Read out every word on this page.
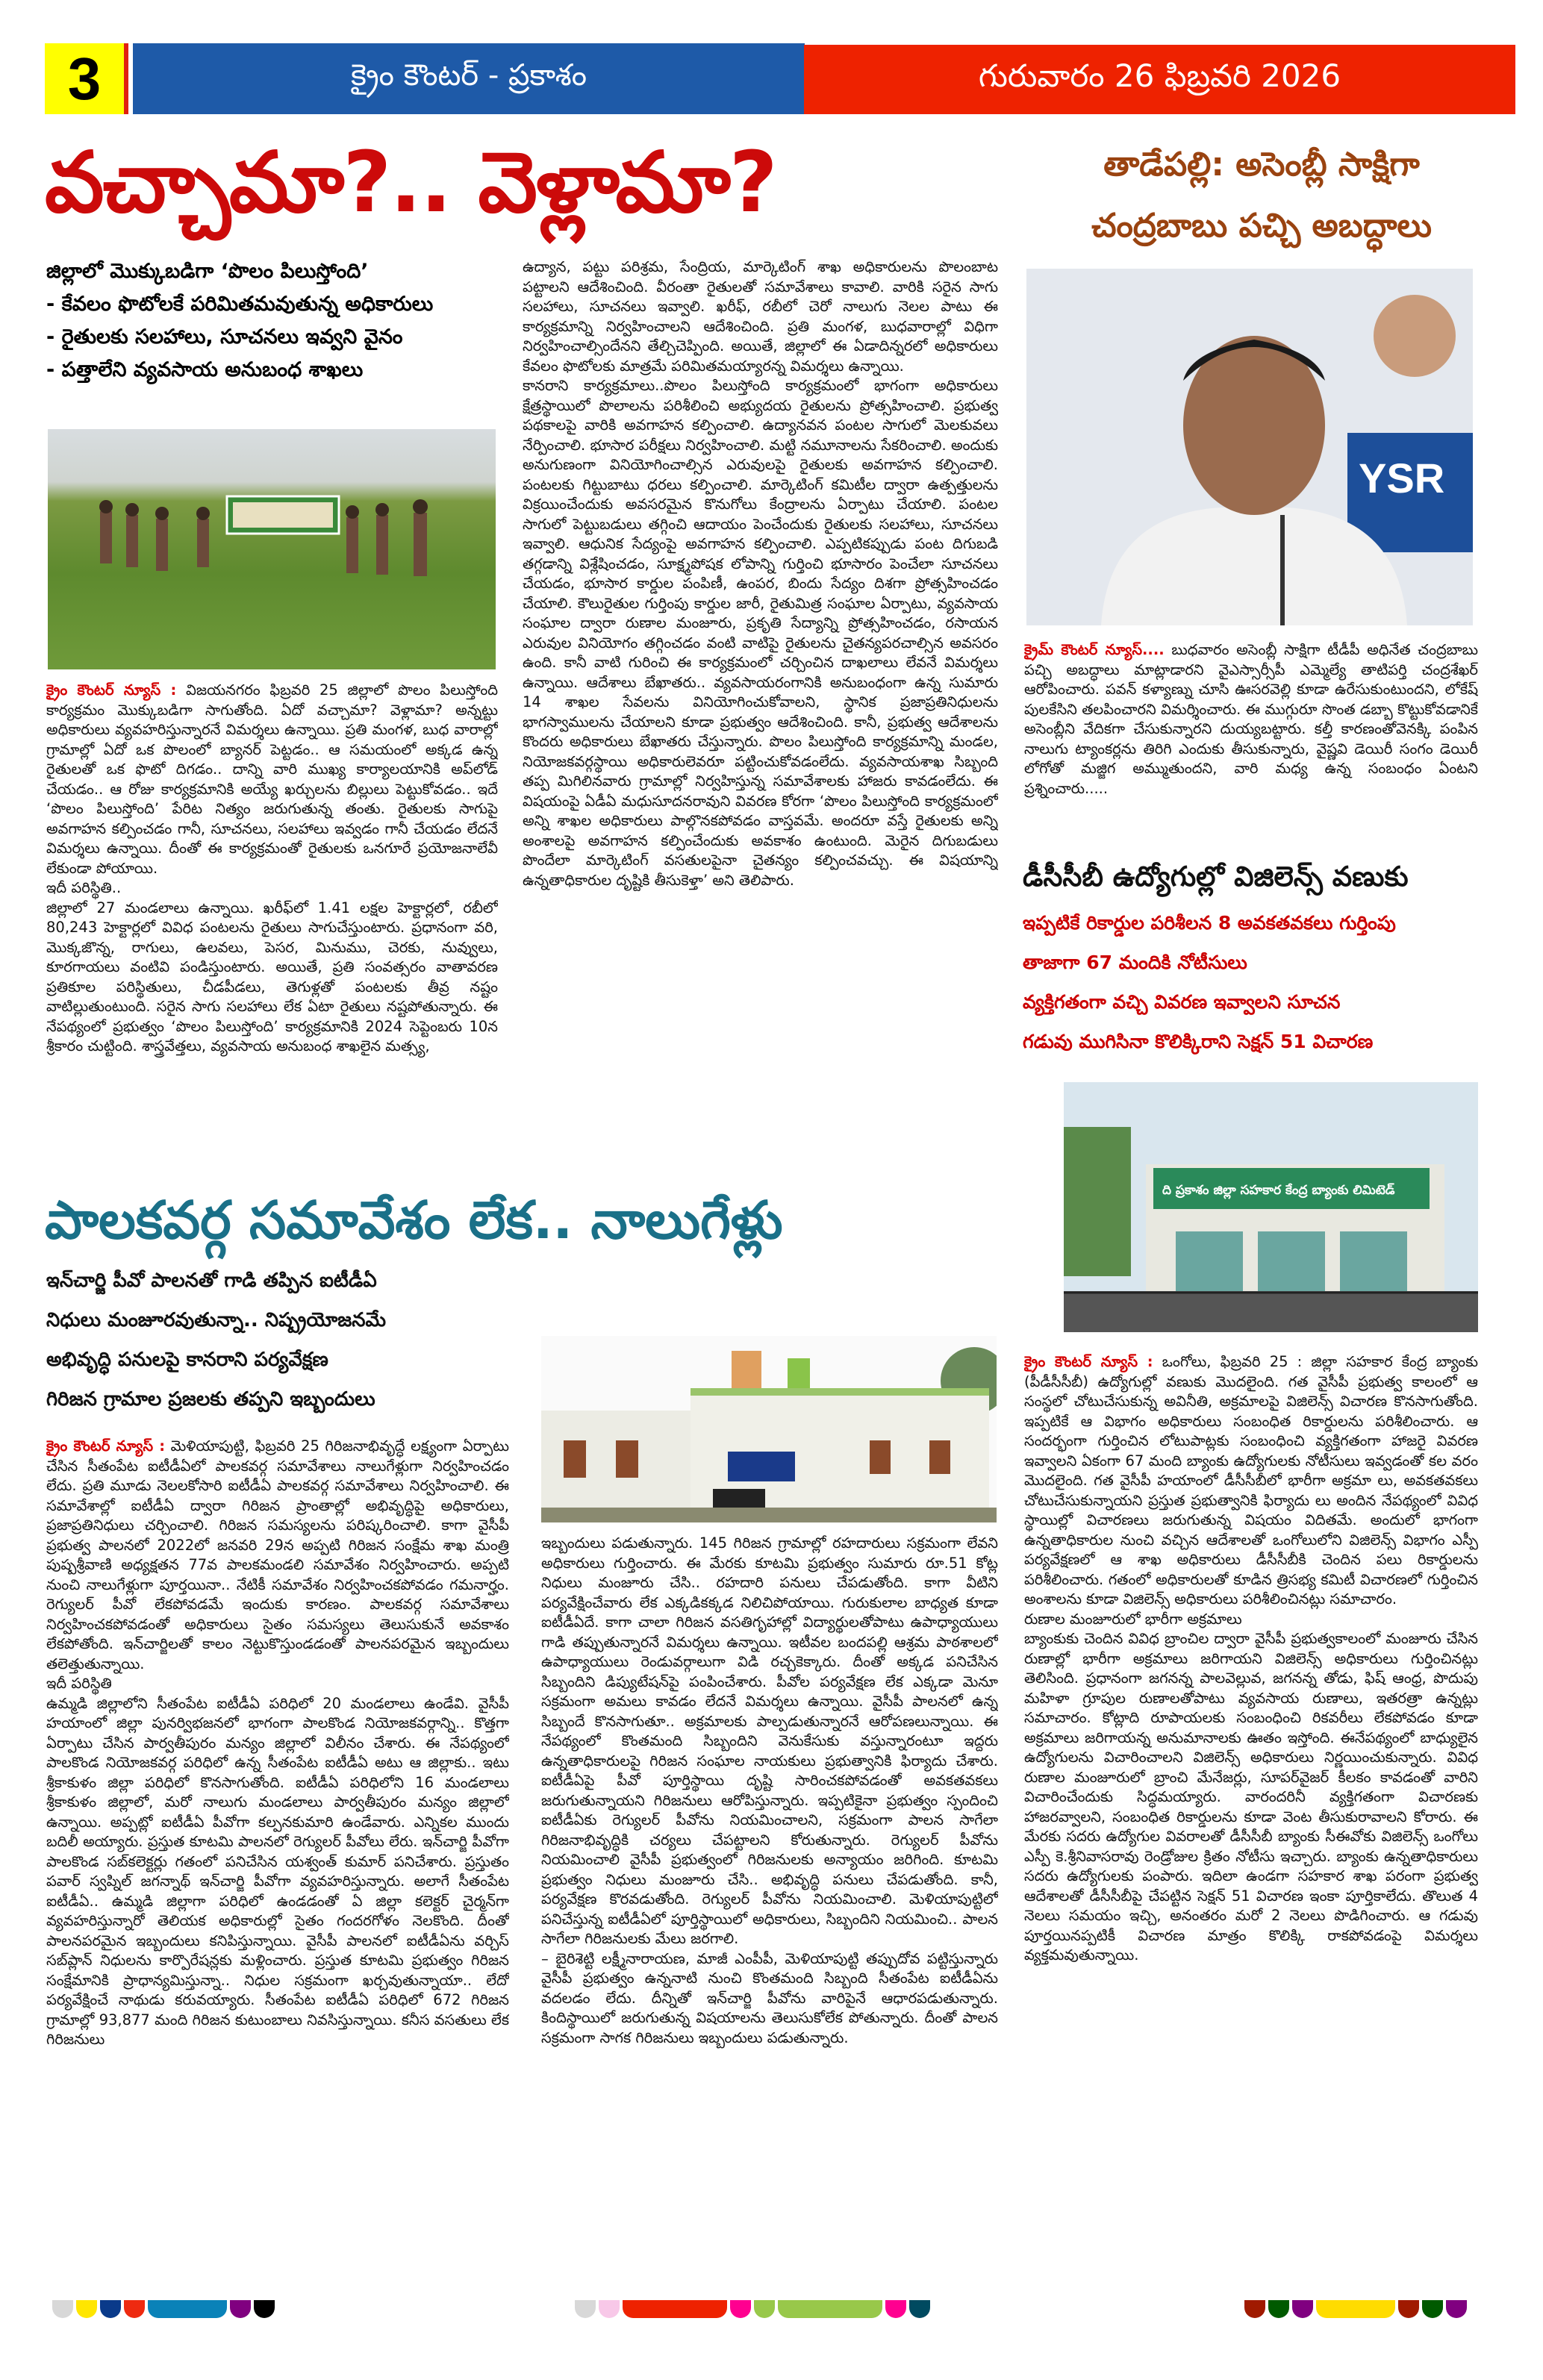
3	క్రైం కౌంటర్ - ప్రకాశం	గురువారం 26 ఫిబ్రవరి 2026
వచ్చామా?.. వెళ్లామా?
జిల్లాలో మొక్కుబడిగా ‘పొలం పిలుస్తోంది’
- కేవలం ఫొటోలకే పరిమితమవుతున్న అధికారులు
- రైతులకు సలహాలు, సూచనలు ఇవ్వని వైనం
- పత్తాలేని వ్యవసాయ అనుబంధ శాఖలు

క్రైం కౌంటర్ న్యూస్ : విజయనగరం ఫిబ్రవరి 25 జిల్లాలో పొలం పిలుస్తోంది కార్యక్రమం మొక్కుబడిగా సాగుతోంది. ఏదో వచ్చామా? వెళ్లామా? అన్నట్టు అధికారులు వ్యవహరిస్తున్నారనే విమర్శలు ఉన్నాయి. ప్రతి మంగళ, బుధ వారాల్లో గ్రామాల్లో ఏదో ఒక పొలంలో బ్యానర్ పెట్టడం.. ఆ సమయంలో అక్కడ ఉన్న రైతులతో ఒక ఫొటో దిగడం.. దాన్ని వారి ముఖ్య కార్యాలయానికి అప్‌లోడ్ చేయడం.. ఆ రోజు కార్యక్రమానికి అయ్యే ఖర్చులను బిల్లులు పెట్టుకోవడం.. ఇదే ‘పొలం పిలుస్తోంది’ పేరిట నిత్యం జరుగుతున్న తంతు. రైతులకు సాగుపై అవగాహన కల్పించడం గానీ, సూచనలు, సలహాలు ఇవ్వడం గానీ చేయడం లేదనే విమర్శలు ఉన్నాయి. దీంతో ఈ కార్యక్రమంతో రైతులకు ఒనగూరే ప్రయోజనాలేవీ లేకుండా పోయాయి.

ఇదీ పరిస్థితి..

జిల్లాలో 27 మండలాలు ఉన్నాయి. ఖరీఫ్‌లో 1.41 లక్షల హెక్టార్లలో, రబీలో 80,243 హెక్టార్లలో వివిధ పంటలను రైతులు సాగుచేస్తుంటారు. ప్రధానంగా వరి, మొక్కజొన్న, రాగులు, ఉలవలు, పెసర, మినుము, చెరకు, నువ్వులు, కూరగాయలు వంటివి పండిస్తుంటారు. అయితే, ప్రతి సంవత్సరం వాతావరణ ప్రతికూల పరిస్థితులు, చీడపీడలు, తెగుళ్లతో పంటలకు తీవ్ర నష్టం వాటిల్లుతుంటుంది. సరైన సాగు సలహాలు లేక ఏటా రైతులు నష్టపోతున్నారు. ఈ నేపథ్యంలో ప్రభుత్వం ‘పొలం పిలుస్తోంది’ కార్యక్రమానికి 2024 సెప్టెంబరు 10న శ్రీకారం చుట్టింది. శాస్త్రవేత్తలు, వ్యవసాయ అనుబంధ శాఖలైన మత్స్య,

ఉద్యాన, పట్టు పరిశ్రమ, సేంద్రియ, మార్కెటింగ్ శాఖ అధికారులను పొలంబాట పట్టాలని ఆదేశించింది. వీరంతా రైతులతో సమావేశాలు కావాలి. వారికి సరైన సాగు సలహాలు, సూచనలు ఇవ్వాలి. ఖరీఫ్, రబీలో చెరో నాలుగు నెలల పాటు ఈ కార్యక్రమాన్ని నిర్వహించాలని ఆదేశించింది. ప్రతి మంగళ, బుధవారాల్లో విధిగా నిర్వహించాల్సిందేనని తేల్చిచెప్పింది. అయితే, జిల్లాలో ఈ ఏడాదిన్నరలో అధికారులు కేవలం ఫొటోలకు మాత్రమే పరిమితమయ్యారన్న విమర్శలు ఉన్నాయి.

కానరాని కార్యక్రమాలు..పొలం పిలుస్తోంది కార్యక్రమంలో భాగంగా అధికారులు క్షేత్రస్థాయిలో పొలాలను పరిశీలించి అభ్యుదయ రైతులను ప్రోత్సహించాలి. ప్రభుత్వ పథకాలపై వారికి అవగాహన కల్పించాలి. ఉద్యానవన పంటల సాగులో మెలకువలు నేర్పించాలి. భూసార పరీక్షలు నిర్వహించాలి. మట్టి నమూనాలను సేకరించాలి. అందుకు అనుగుణంగా వినియోగించాల్సిన ఎరువులపై రైతులకు అవగాహన కల్పించాలి. పంటలకు గిట్టుబాటు ధరలు కల్పించాలి. మార్కెటింగ్ కమిటీల ద్వారా ఉత్పత్తులను విక్రయించేందుకు అవసరమైన కొనుగోలు కేంద్రాలను ఏర్పాటు చేయాలి. పంటల సాగులో పెట్టుబడులు తగ్గించి ఆదాయం పెంచేందుకు రైతులకు సలహాలు, సూచనలు ఇవ్వాలి. ఆధునిక సేద్యంపై అవగాహన కల్పించాలి. ఎప్పటికప్పుడు పంట దిగుబడి తగ్గడాన్ని విశ్లేషించడం, సూక్ష్మపోషక లోపాన్ని గుర్తించి భూసారం పెంచేలా సూచనలు చేయడం, భూసార కార్డుల పంపిణీ, ఉంపర, బిందు సేద్యం దిశగా ప్రోత్సహించడం చేయాలి. కౌలురైతుల గుర్తింపు కార్డుల జారీ, రైతుమిత్ర సంఘాల ఏర్పాటు, వ్యవసాయ సంఘాల ద్వారా రుణాల మంజూరు, ప్రకృతి సేద్యాన్ని ప్రోత్సహించడం, రసాయన ఎరువుల వినియోగం తగ్గించడం వంటి వాటిపై రైతులను చైతన్యపరచాల్సిన అవసరం ఉంది. కానీ వాటి గురించి ఈ కార్యక్రమంలో చర్చించిన దాఖలాలు లేవనే విమర్శలు ఉన్నాయి. ఆదేశాలు బేఖాతరు.. వ్యవసాయరంగానికి అనుబంధంగా ఉన్న సుమారు 14 శాఖల సేవలను వినియోగించుకోవాలని, స్థానిక ప్రజాప్రతినిధులను భాగస్వాములను చేయాలని కూడా ప్రభుత్వం ఆదేశించింది. కానీ, ప్రభుత్వ ఆదేశాలను కొందరు అధికారులు బేఖాతరు చేస్తున్నారు. పొలం పిలుస్తోంది కార్యక్రమాన్ని మండల, నియోజకవర్గస్థాయి అధికారులెవరూ పట్టించుకోవడంలేదు. వ్యవసాయశాఖ సిబ్బంది తప్ప మిగిలినవారు గ్రామాల్లో నిర్వహిస్తున్న సమావేశాలకు హాజరు కావడంలేదు. ఈ విషయంపై ఏడీఏ మధుసూదనరావుని వివరణ కోరగా ‘పొలం పిలుస్తోంది కార్యక్రమంలో అన్ని శాఖల అధికారులు పాల్గొనకపోవడం వాస్తవమే. అందరూ వస్తే రైతులకు అన్ని అంశాలపై అవగాహన కల్పించేందుకు అవకాశం ఉంటుంది. మెరైన దిగుబడులు పొందేలా మార్కెటింగ్ వసతులపైనా చైతన్యం కల్పించవచ్చు. ఈ విషయాన్ని ఉన్నతాధికారుల దృష్టికి తీసుకెళ్తా’ అని తెలిపారు.

తాడేపల్లి: అసెంబ్లీ సాక్షిగా చంద్రబాబు పచ్చి అబద్ధాలు
YSR

క్రైమ్ కౌంటర్ న్యూస్.... బుధవారం అసెంబ్లీ సాక్షిగా టీడీపీ అధినేత చంద్రబాబు పచ్చి అబద్ధాలు మాట్లాడారని వైఎస్సార్సీపీ ఎమ్మెల్యే తాటిపర్తి చంద్రశేఖర్ ఆరోపించారు. పవన్ కళ్యాణ్ను చూసి ఊసరవెల్లి కూడా ఉరేసుకుంటుందని, లోకేష్ పులకేసిని తలపించారని విమర్శించారు. ఈ ముగ్గురూ సొంత డబ్బా కొట్టుకోవడానికే అసెంబ్లీని వేదికగా చేసుకున్నారని దుయ్యబట్టారు. కల్తీ కారణంతోవెనక్కి పంపిన నాలుగు ట్యాంకర్లను తిరిగి ఎందుకు తీసుకున్నారు, వైష్ణవి డెయిరీ సంగం డెయిరీ లోగోతో మజ్జిగ అమ్ముతుందని, వారి మధ్య ఉన్న సంబంధం ఏంటని ప్రశ్నించారు.....

డీసీసీబీ ఉద్యోగుల్లో విజిలెన్స్ వణుకు
ఇప్పటికే రికార్డుల పరిశీలన 8 అవకతవకలు గుర్తింపు
తాజాగా 67 మందికి నోటీసులు
వ్యక్తిగతంగా వచ్చి వివరణ ఇవ్వాలని సూచన
గడువు ముగిసినా కొలిక్కిరాని సెక్షన్ 51 విచారణ
ది ప్రకాశం జిల్లా సహకార కేంద్ర బ్యాంకు లిమిటెడ్

క్రైం కౌంటర్ న్యూస్ : ఒంగోలు, ఫిబ్రవరి 25 : జిల్లా సహకార కేంద్ర బ్యాంకు (పీడీసీసీబీ) ఉద్యోగుల్లో వణుకు మొదలైంది. గత వైసీపీ ప్రభుత్వ కాలంలో ఆ సంస్థలో చోటుచేసుకున్న అవినీతి, అక్రమాలపై విజిలెన్స్ విచారణ కొనసాగుతోంది. ఇప్పటికే ఆ విభాగం అధికారులు సంబంధిత రికార్డులను పరిశీలించారు. ఆ సందర్భంగా గుర్తించిన లోటుపాట్లకు సంబంధించి వ్యక్తిగతంగా హాజరై వివరణ ఇవ్వాలని ఏకంగా 67 మంది బ్యాంకు ఉద్యోగులకు నోటీసులు ఇవ్వడంతో కల వరం మొదలైంది. గత వైసీపీ హయాంలో డీసీసీబీలో భారీగా అక్రమా లు, అవకతవకలు చోటుచేసుకున్నాయని ప్రస్తుత ప్రభుత్వానికి ఫిర్యాదు లు అందిన నేపథ్యంలో వివిధ స్థాయిల్లో విచారణలు జరుగుతున్న విషయం విదితమే. అందులో భాగంగా ఉన్నతాధికారుల నుంచి వచ్చిన ఆదేశాలతో ఒంగోలులోని విజిలెన్స్ విభాగం ఎస్పీ పర్యవేక్షణలో ఆ శాఖ అధికారులు డీసీసీబీకి చెందిన పలు రికార్డులను పరిశీలించారు. గతంలో అధికారులతో కూడిన త్రిసభ్య కమిటీ విచారణలో గుర్తించిన అంశాలను కూడా విజిలెన్స్ అధికారులు పరిశీలించినట్లు సమాచారం.

రుణాల మంజూరులో భారీగా అక్రమాలు

బ్యాంకుకు చెందిన వివిధ బ్రాంచిల ద్వారా వైసీపీ ప్రభుత్వకాలంలో మంజూరు చేసిన రుణాల్లో భారీగా అక్రమాలు జరిగాయని విజిలెన్స్ అధికారులు గుర్తించినట్లు తెలిసింది. ప్రధానంగా జగనన్న పాలవెల్లువ, జగనన్న తోడు, ఫిష్ ఆంధ్ర, పొదుపు మహిళా గ్రూపుల రుణాలతోపాటు వ్యవసాయ రుణాలు, ఇతరత్రా ఉన్నట్లు సమాచారం. కోట్లాది రూపాయలకు సంబంధించి రికవరీలు లేకపోవడం కూడా అక్రమాలు జరిగాయన్న అనుమానాలకు ఊతం ఇస్తోంది. ఈనేపథ్యంలో బాధ్యులైన ఉద్యోగులను విచారించాలని విజిలెన్స్ అధికారులు నిర్ణయించుకున్నారు. వివిధ రుణాల మంజూరులో బ్రాంచి మేనేజర్లు, సూపర్‌వైజర్ కీలకం కావడంతో వారిని విచారించేందుకు సిద్ధమయ్యారు. వారందరినీ వ్యక్తిగతంగా విచారణకు హాజరవ్వాలని, సంబంధిత రికార్డులను కూడా వెంట తీసుకురావాలని కోరారు. ఈ మేరకు సదరు ఉద్యోగుల వివరాలతో డీసీసీబీ బ్యాంకు సీఈవోకు విజిలెన్స్ ఒంగోలు ఎస్పీ కె.శ్రీనివాసరావు రెండ్రోజుల క్రితం నోటీసు ఇచ్చారు. బ్యాంకు ఉన్నతాధికారులు సదరు ఉద్యోగులకు పంపారు. ఇదిలా ఉండగా సహకార శాఖ పరంగా ప్రభుత్వ ఆదేశాలతో డీసీసీబీపై చేపట్టిన సెక్షన్ 51 విచారణ ఇంకా పూర్తికాలేదు. తొలుత 4 నెలలు సమయం ఇచ్చి, అనంతరం మరో 2 నెలలు పొడిగించారు. ఆ గడువు పూర్తయినప్పటికీ విచారణ మాత్రం కొలిక్కి రాకపోవడంపై విమర్శలు వ్యక్తమవుతున్నాయి.

పాలకవర్గ సమావేశం లేక.. నాలుగేళ్లు
ఇన్‌చార్జి పీవో పాలనతో గాడి తప్పిన ఐటీడీఏ
నిధులు మంజూరవుతున్నా.. నిష్ప్రయోజనమే
అభివృద్ధి పనులపై కానరాని పర్యవేక్షణ
గిరిజన గ్రామాల ప్రజలకు తప్పని ఇబ్బందులు

క్రైం కౌంటర్ న్యూస్ : మెళియాపుట్టి, ఫిబ్రవరి 25 గిరిజనాభివృద్ధే లక్ష్యంగా ఏర్పాటు చేసిన సీతంపేట ఐటీడీఏలో పాలకవర్గ సమావేశాలు నాలుగేళ్లుగా నిర్వహించడం లేదు. ప్రతి మూడు నెలలకోసారి ఐటీడీఏ పాలకవర్గ సమావేశాలు నిర్వహించాలి. ఈ సమావేశాల్లో ఐటీడీఏ ద్వారా గిరిజన ప్రాంతాల్లో అభివృద్ధిపై అధికారులు, ప్రజాప్రతినిధులు చర్చించాలి. గిరిజన సమస్యలను పరిష్కరించాలి. కాగా వైసీపీ ప్రభుత్వ పాలనలో 2022లో జనవరి 29న అప్పటి గిరిజన సంక్షేమ శాఖ మంత్రి పుష్పశ్రీవాణి అధ్యక్షతన 77వ పాలకమండలి సమావేశం నిర్వహించారు. అప్పటి నుంచి నాలుగేళ్లుగా పూర్తయినా.. నేటికీ సమావేశం నిర్వహించకపోవడం గమనార్హం. రెగ్యులర్ పీవో లేకపోవడమే ఇందుకు కారణం. పాలకవర్గ సమావేశాలు నిర్వహించకపోవడంతో అధికారులు సైతం సమస్యలు తెలుసుకునే అవకాశం లేకపోతోంది. ఇన్‌చార్జిలతో కాలం నెట్టుకొస్తుండడంతో పాలనపరమైన ఇబ్బందులు తలెత్తుతున్నాయి.

ఇదీ పరిస్థితి

ఉమ్మడి జిల్లాలోని సీతంపేట ఐటీడీఏ పరిధిలో 20 మండలాలు ఉండేవి. వైసీపీ హయాంలో జిల్లా పునర్విభజనలో భాగంగా పాలకొండ నియోజకవర్గాన్ని.. కొత్తగా ఏర్పాటు చేసిన పార్వతీపురం మన్యం జిల్లాలో విలీనం చేశారు. ఈ నేపథ్యంలో పాలకొండ నియోజకవర్గ పరిధిలో ఉన్న సీతంపేట ఐటీడీఏ అటు ఆ జిల్లాకు.. ఇటు శ్రీకాకుళం జిల్లా పరిధిలో కొనసాగుతోంది. ఐటీడీఏ పరిధిలోని 16 మండలాలు శ్రీకాకుళం జిల్లాలో, మరో నాలుగు మండలాలు పార్వతీపురం మన్యం జిల్లాలో ఉన్నాయి. అప్పట్లో ఐటీడీఏ పీవోగా కల్పనకుమారి ఉండేవారు. ఎన్నికల ముందు బదిలీ అయ్యారు. ప్రస్తుత కూటమి పాలనలో రెగ్యులర్ పీవోలు లేరు. ఇన్‌చార్జి పీవోగా పాలకొండ సబ్‌కలెక్టర్లు గతంలో పనిచేసిన యశ్వంత్ కుమార్ పనిచేశారు. ప్రస్తుతం పవార్ స్వప్నిల్ జగన్నాథ్ ఇన్‌చార్జి పీవోగా వ్యవహరిస్తున్నారు. అలాగే సీతంపేట ఐటీడీఏ.. ఉమ్మడి జిల్లాగా పరిధిలో ఉండడంతో ఏ జిల్లా కలెక్టర్ చైర్మన్‌గా వ్యవహరిస్తున్నారో తెలియక అధికారుల్లో సైతం గందరగోళం నెలకొంది. దీంతో పాలనపరమైన ఇబ్బందులు కనిపిస్తున్నాయి. వైసీపీ పాలనలో ఐటీడీఏను వర్చిస్ సబ్‌ప్లాన్ నిధులను కార్పొరేషన్లకు మళ్లించారు. ప్రస్తుత కూటమి ప్రభుత్వం గిరిజన సంక్షేమానికి ప్రాధాన్యమిస్తున్నా.. నిధుల సక్రమంగా ఖర్చవుతున్నాయా.. లేదో పర్యవేక్షించే నాథుడు కరువయ్యారు. సీతంపేట ఐటీడీఏ పరిధిలో 672 గిరిజన గ్రామాల్లో 93,877 మంది గిరిజన కుటుంబాలు నివసిస్తున్నాయి. కనీస వసతులు లేక గిరిజనులు

ఇబ్బందులు పడుతున్నారు. 145 గిరిజన గ్రామాల్లో రహదారులు సక్రమంగా లేవని అధికారులు గుర్తించారు. ఈ మేరకు కూటమి ప్రభుత్వం సుమారు రూ.51 కోట్ల నిధులు మంజూరు చేసి.. రహదారి పనులు చేపడుతోంది. కాగా వీటిని పర్యవేక్షించేవారు లేక ఎక్కడికక్కడ నిలిచిపోయాయి. గురుకులాల బాధ్యత కూడా ఐటీడీఏదే. కాగా చాలా గిరిజన వసతిగృహాల్లో విద్యార్థులతోపాటు ఉపాధ్యాయులు గాడి తప్పుతున్నారనే విమర్శలు ఉన్నాయి. ఇటీవల బందపల్లి ఆశ్రమ పాఠశాలలో ఉపాధ్యాయులు రెండువర్గాలుగా విడి రచ్చకెక్కారు. దీంతో అక్కడ పనిచేసిన సిబ్బందిని డిప్యుటేషన్‌పై పంపించేశారు. పీవోల పర్యవేక్షణ లేక ఎక్కడా మెనూ సక్రమంగా అమలు కావడం లేదనే విమర్శలు ఉన్నాయి. వైసీపీ పాలనలో ఉన్న సిబ్బందే కొనసాగుతూ.. అక్రమాలకు పాల్పడుతున్నారనే ఆరోపణలున్నాయి. ఈ నేపథ్యంలో కొంతమంది సిబ్బందిని వెనుకేసుకు వస్తున్నారంటూ ఇద్దరు ఉన్నతాధికారులపై గిరిజన సంఘాల నాయకులు ప్రభుత్వానికి ఫిర్యాదు చేశారు. ఐటీడీఏపై పీవో పూర్తిస్థాయి దృష్టి సారించకపోవడంతో అవకతవకలు జరుగుతున్నాయని గిరిజనులు ఆరోపిస్తున్నారు. ఇప్పటికైనా ప్రభుత్వం స్పందించి ఐటీడీఏకు రెగ్యులర్ పీవోను నియమించాలని, సక్రమంగా పాలన సాగేలా గిరిజనాభివృద్ధికి చర్యలు చేపట్టాలని కోరుతున్నారు. రెగ్యులర్ పీవోను నియమించాలి వైసీపీ ప్రభుత్వంలో గిరిజనులకు అన్యాయం జరిగింది. కూటమి ప్రభుత్వం నిధులు మంజూరు చేసి.. అభివృద్ధి పనులు చేపడుతోంది. కానీ, పర్యవేక్షణ కొరవడుతోంది. రెగ్యులర్ పీవోను నియమించాలి. మెళియాపుట్టిలో పనిచేస్తున్న ఐటీడీఏలో పూర్తిస్థాయిలో అధికారులు, సిబ్బందిని నియమించి.. పాలన సాగేలా గిరిజనులకు మేలు జరగాలి.

– బైరిశెట్టి లక్ష్మీనారాయణ, మాజీ ఎంపీపీ, మెళియాపుట్టి తప్పుదోవ పట్టిస్తున్నారు వైసీపీ ప్రభుత్వం ఉన్ననాటి నుంచి కొంతమంది సిబ్బంది సీతంపేట ఐటీడీఏను వదలడం లేదు. దీన్నితో ఇన్‌చార్జి పీవోను వారిపైనే ఆధారపడుతున్నారు. కిందిస్థాయిలో జరుగుతున్న విషయాలను తెలుసుకోలేక పోతున్నారు. దీంతో పాలన సక్రమంగా సాగక గిరిజనులు ఇబ్బందులు పడుతున్నారు.
